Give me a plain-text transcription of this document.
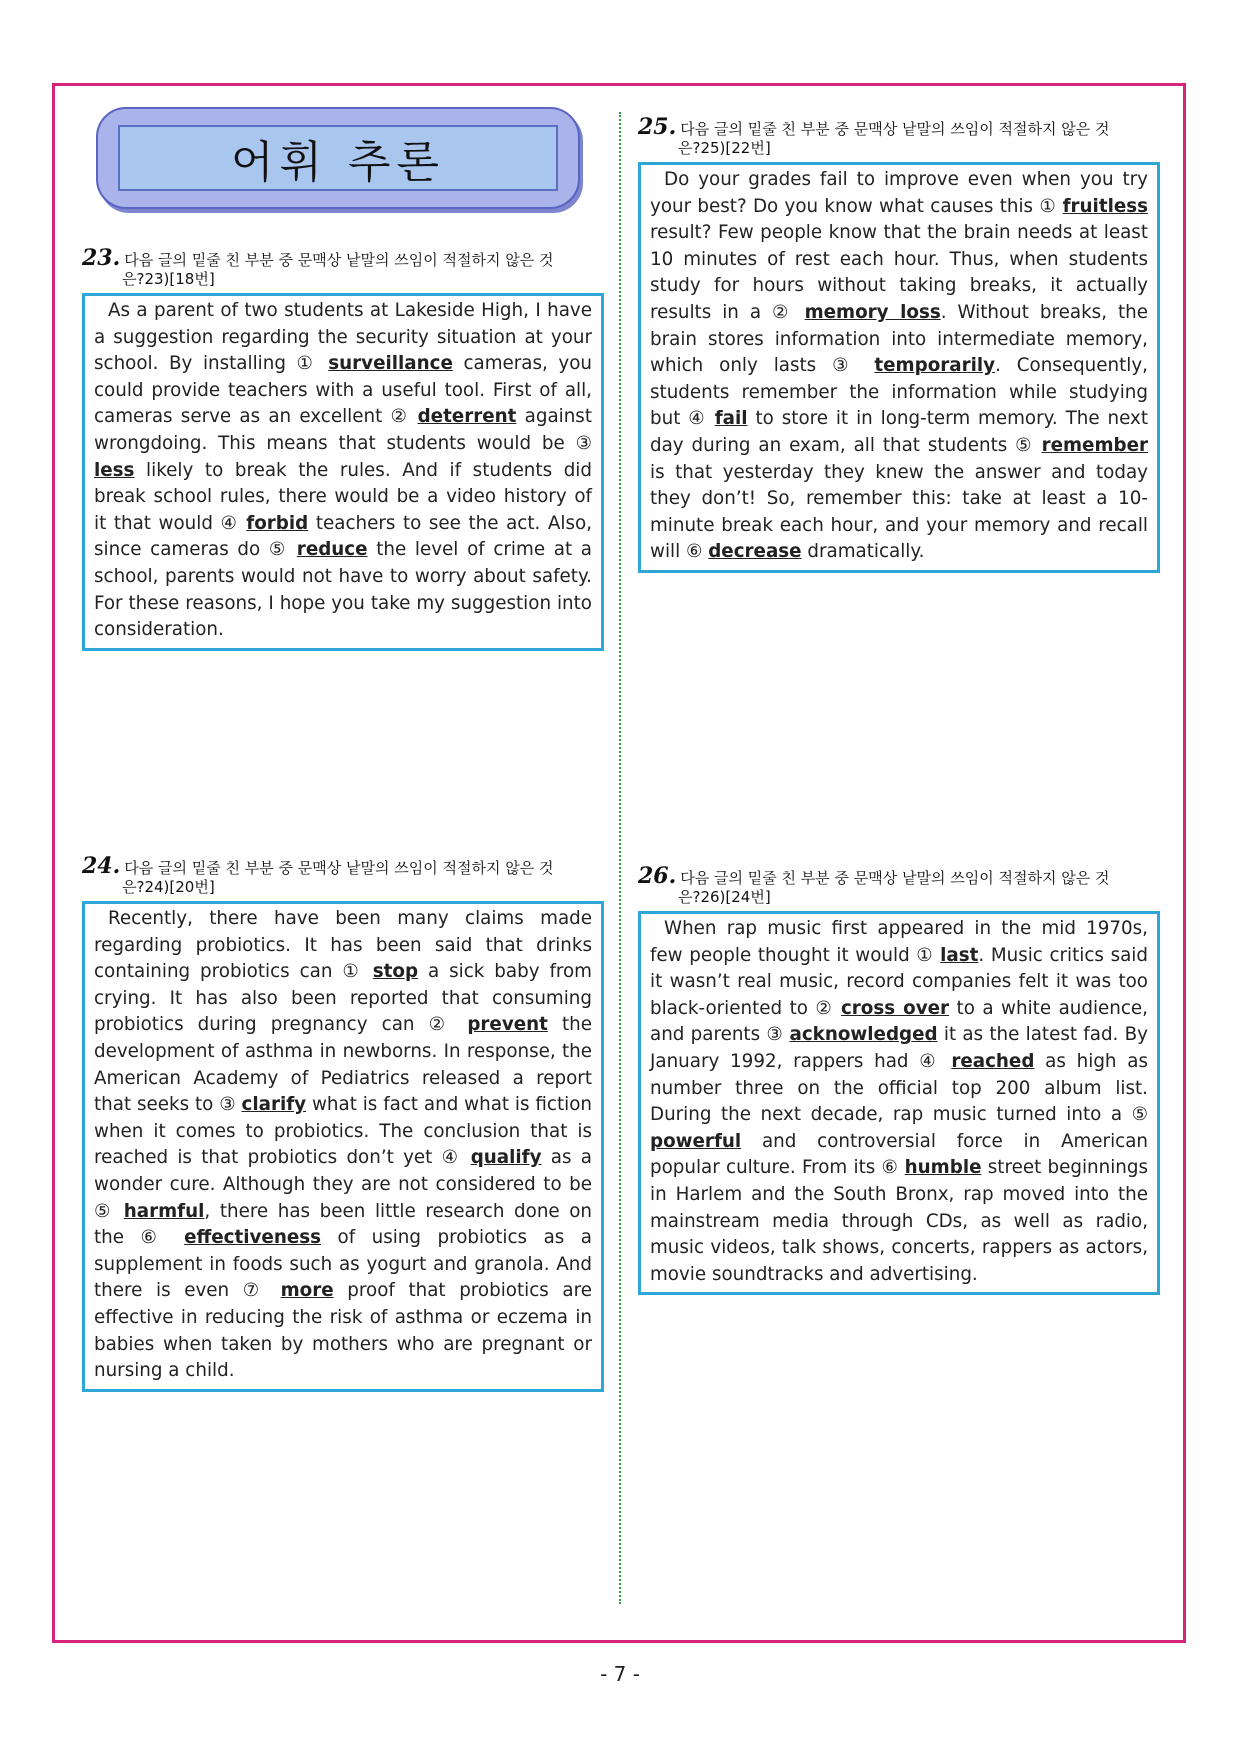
어휘 추론
23. 다음 글의 밑줄 친 부분 중 문맥상 낱말의 쓰임이 적절하지 않은 것
은?23)[18번]

As a parent of two students at Lakeside High, I have a suggestion regarding the security situation at your school. By installing ① surveillance cameras, you could provide teachers with a useful tool. First of all, cameras serve as an excellent ② deterrent against wrongdoing. This means that students would be ③ less likely to break the rules. And if students did break school rules, there would be a video history of it that would ④ forbid teachers to see the act. Also, since cameras do ⑤ reduce the level of crime at a school, parents would not have to worry about safety. For these reasons, I hope you take my suggestion into consideration.

24. 다음 글의 밑줄 친 부분 중 문맥상 낱말의 쓰임이 적절하지 않은 것
은?24)[20번]

Recently, there have been many claims made regarding probiotics. It has been said that drinks containing probiotics can ① stop a sick baby from crying. It has also been reported that consuming probiotics during pregnancy can ② prevent the development of asthma in newborns. In response, the American Academy of Pediatrics released a report that seeks to ③ clarify what is fact and what is fiction when it comes to probiotics. The conclusion that is reached is that probiotics don’t yet ④ qualify as a wonder cure. Although they are not considered to be ⑤ harmful, there has been little research done on the ⑥ effectiveness of using probiotics as a supplement in foods such as yogurt and granola. And there is even ⑦ more proof that probiotics are effective in reducing the risk of asthma or eczema in babies when taken by mothers who are pregnant or nursing a child.

25. 다음 글의 밑줄 친 부분 중 문맥상 낱말의 쓰임이 적절하지 않은 것
은?25)[22번]

Do your grades fail to improve even when you try your best? Do you know what causes this ① fruitless result? Few people know that the brain needs at least 10 minutes of rest each hour. Thus, when students study for hours without taking breaks, it actually results in a ② memory loss. Without breaks, the brain stores information into intermediate memory, which only lasts ③ temporarily. Consequently, students remember the information while studying but ④ fail to store it in long-term memory. The next day during an exam, all that students ⑤ remember is that yesterday they knew the answer and today they don’t! So, remember this: take at least a 10-minute break each hour, and your memory and recall will ⑥ decrease dramatically.

26. 다음 글의 밑줄 친 부분 중 문맥상 낱말의 쓰임이 적절하지 않은 것
은?26)[24번]

When rap music first appeared in the mid 1970s, few people thought it would ① last. Music critics said it wasn’t real music, record companies felt it was too black-oriented to ② cross over to a white audience, and parents ③ acknowledged it as the latest fad. By January 1992, rappers had ④ reached as high as number three on the official top 200 album list. During the next decade, rap music turned into a ⑤ powerful and controversial force in American popular culture. From its ⑥ humble street beginnings in Harlem and the South Bronx, rap moved into the mainstream media through CDs, as well as radio, music videos, talk shows, concerts, rappers as actors, movie soundtracks and advertising.

- 7 -
